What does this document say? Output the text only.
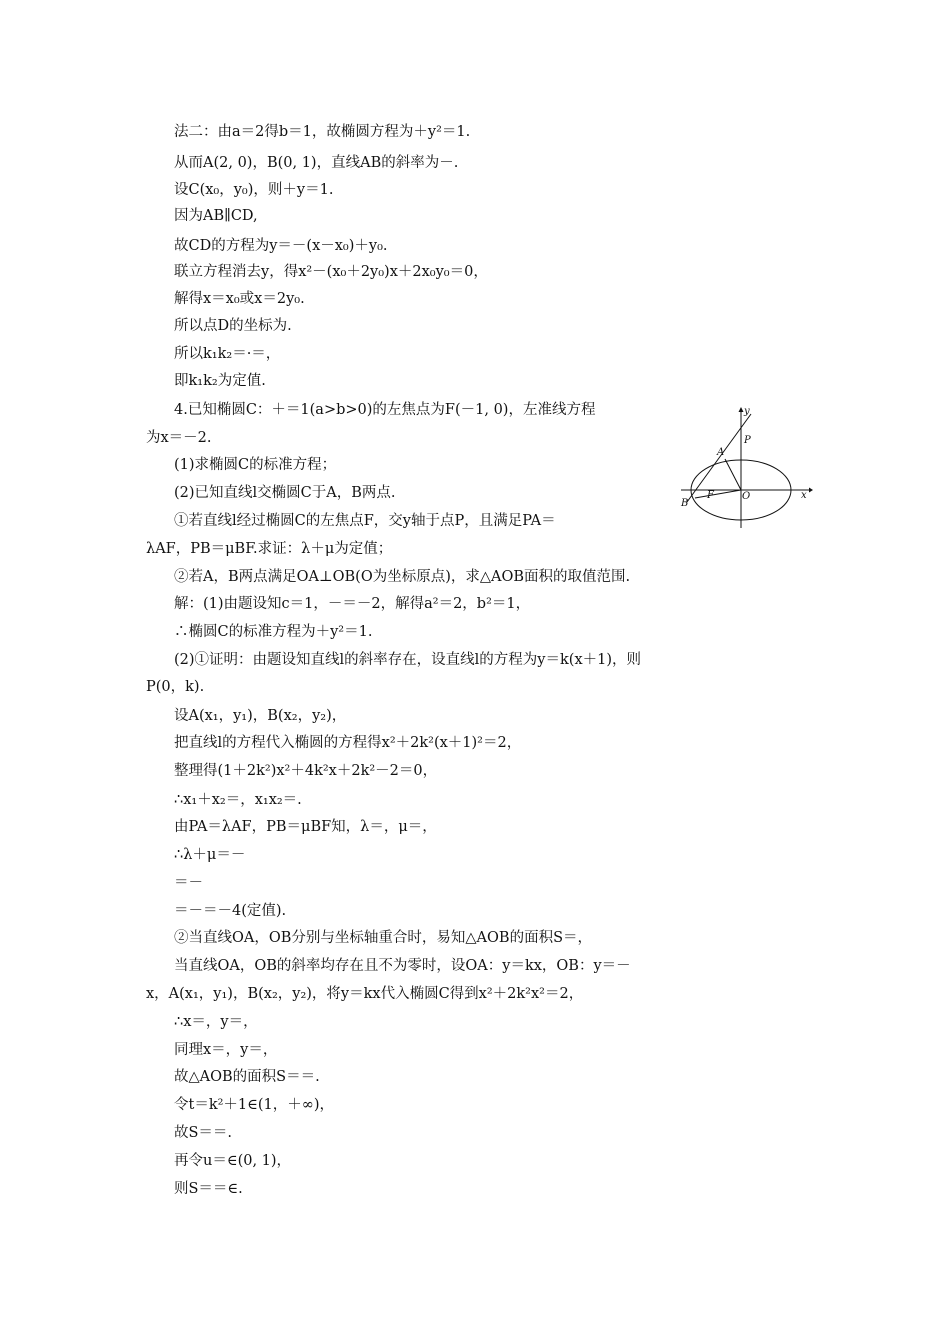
法二：由a＝2得b＝1，故椭圆方程为＋y²＝1.
从而A(2, 0)，B(0, 1)，直线AB的斜率为－.
设C(x₀，y₀)，则＋y＝1.
因为AB∥CD,
故CD的方程为y＝－(x－x₀)＋y₀.
联立方程消去y，得x²－(x₀＋2y₀)x＋2x₀y₀＝0，
解得x＝x₀或x＝2y₀.
所以点D的坐标为.
所以k₁k₂＝·＝，
即k₁k₂为定值.
4.已知椭圆C：＋＝1(a>b>0)的左焦点为F(－1, 0)，左准线方程
为x＝－2.
(1)求椭圆C的标准方程；
(2)已知直线l交椭圆C于A，B两点.
①若直线l经过椭圆C的左焦点F，交y轴于点P，且满足PA＝
λAF，PB＝μBF.求证：λ＋μ为定值；
②若A，B两点满足OA⊥OB(O为坐标原点)，求△AOB面积的取值范围.
解：(1)由题设知c＝1，－＝－2，解得a²＝2，b²＝1，
∴椭圆C的标准方程为＋y²＝1.
(2)①证明：由题设知直线l的斜率存在，设直线l的方程为y＝k(x＋1)，则
P(0，k).
设A(x₁，y₁)，B(x₂，y₂)，
把直线l的方程代入椭圆的方程得x²＋2k²(x＋1)²＝2，
整理得(1＋2k²)x²＋4k²x＋2k²－2＝0，
∴x₁＋x₂＝，x₁x₂＝.
由PA＝λAF，PB＝μBF知，λ＝，μ＝，
∴λ＋μ＝－
＝－
＝－＝－4(定值).
②当直线OA，OB分别与坐标轴重合时，易知△AOB的面积S＝，
当直线OA，OB的斜率均存在且不为零时，设OA：y＝kx，OB：y＝－
x，A(x₁，y₁)，B(x₂，y₂)，将y＝kx代入椭圆C得到x²＋2k²x²＝2，
∴x＝，y＝，
同理x＝，y＝，
故△AOB的面积S＝＝.
令t＝k²＋1∈(1，＋∞)，
故S＝＝.
再令u＝∈(0, 1)，
则S＝＝∈.
y
x
A
P
B
F	O
